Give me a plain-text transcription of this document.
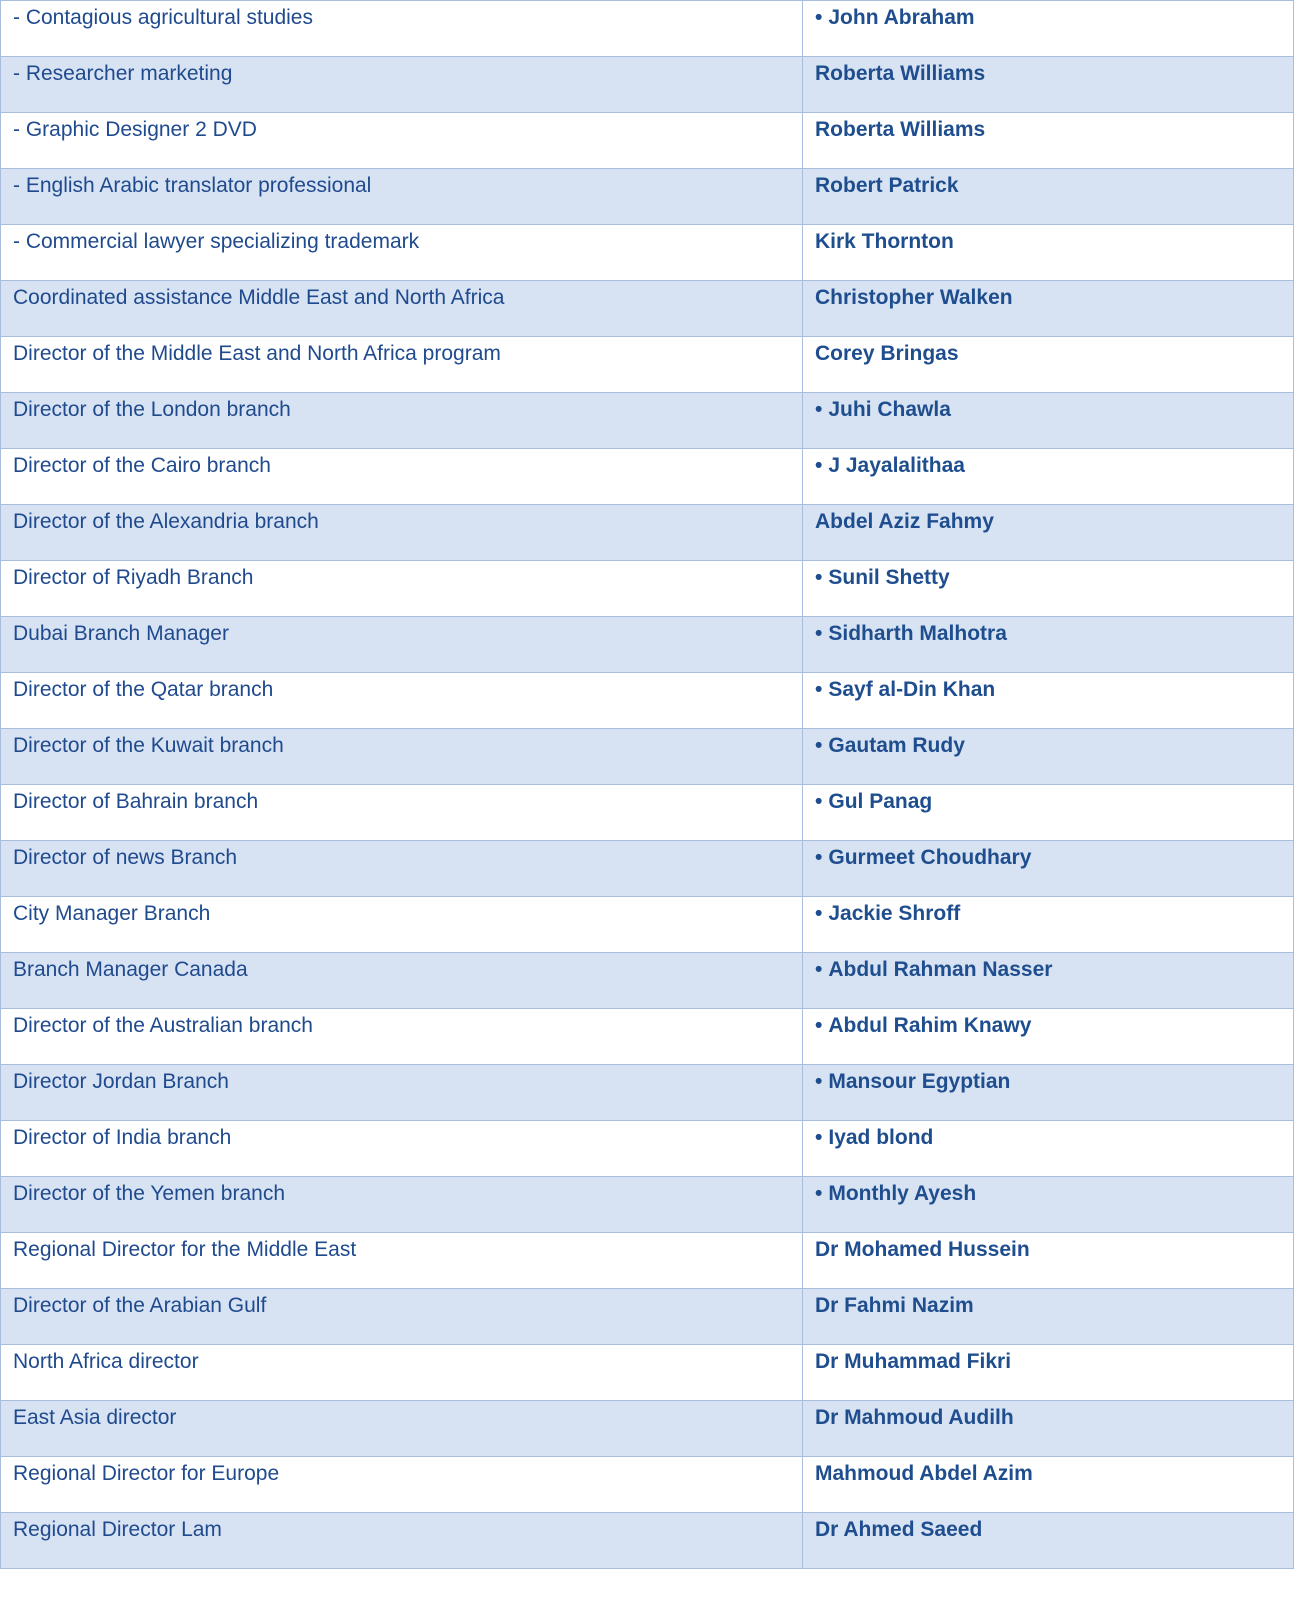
- Contagious agricultural studies	• John Abraham

- Researcher marketing	Roberta Williams

- Graphic Designer 2 DVD	Roberta Williams

- English Arabic translator professional	Robert Patrick

- Commercial lawyer specializing trademark	Kirk Thornton

Coordinated assistance Middle East and North Africa	Christopher Walken

Director of the Middle East and North Africa program	Corey Bringas

Director of the London branch	• Juhi Chawla

Director of the Cairo branch	• J Jayalalithaa

Director of the Alexandria branch	Abdel Aziz Fahmy

Director of Riyadh Branch	• Sunil Shetty

Dubai Branch Manager	• Sidharth Malhotra

Director of the Qatar branch	• Sayf al-Din Khan

Director of the Kuwait branch	• Gautam Rudy

Director of Bahrain branch	• Gul Panag

Director of news Branch	• Gurmeet Choudhary

City Manager Branch	• Jackie Shroff

Branch Manager Canada	• Abdul Rahman Nasser

Director of the Australian branch	• Abdul Rahim Knawy

Director Jordan Branch	• Mansour Egyptian

Director of India branch	• Iyad blond

Director of the Yemen branch	• Monthly Ayesh

Regional Director for the Middle East	Dr Mohamed Hussein

Director of the Arabian Gulf	Dr Fahmi Nazim

North Africa director	Dr Muhammad Fikri

East Asia director	Dr Mahmoud Audilh

Regional Director for Europe	Mahmoud Abdel Azim

Regional Director Lam	Dr Ahmed Saeed
